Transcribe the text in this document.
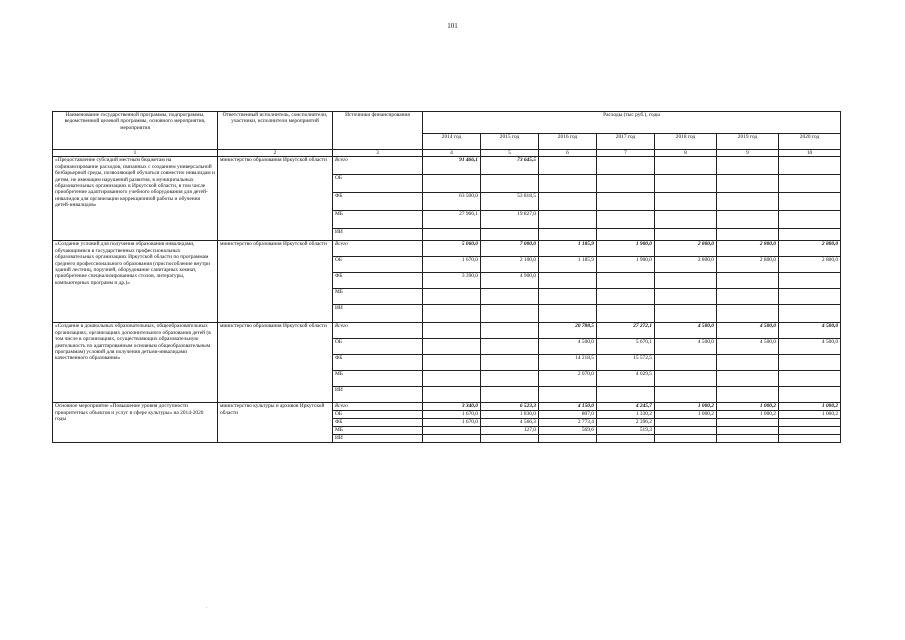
101
Наименование государственной программы, подпрограммы, ведомственной целевой программы, основного мероприятия, мероприятия	Ответственный исполнитель, соисполнители, участники, исполнители мероприятий	Источники финансирования	Расходы (тыс руб.), годы						
			2014 год	2015 год	2016 год	2017 год	2018 год	2019 год	2020 год
1	2	3	4	5	6	7	8	9	10
«Предоставление субсидий местным бюджетам на софинансирование расходов, связанных с созданием универсальной безбарьерной среды, позволяющей обучаться совместно инвалидам и детям, не имеющим нарушений развития, в муниципальных образовательных организациях в Иркутской области, в том числе приобретение адаптированного учебного оборудования для детей-инвалидов для организации коррекционной работы и обучения детей-инвалидов»	министерство образования Иркутской области	Всего	91 466,1	73 645,5					
		ОБ							
		ФБ	63 500,0	53 818,5					
		МБ	27 966,1	19 827,0					
		ИИ							
«Создание условий для получения образования инвалидами, обучающимися в государственных профессиональных образовательных организациях Иркутской области по программам среднего профессионального образования (приспособление внутри зданий лестниц, поручней, оборудование санитарных комнат, приобретение специализированных столов, литературы, компьютерных программ и др.)»	министерство образования Иркутской области	Всего	5 060,0	7 000,0	1 185,9	1 900,0	2 800,0	2 800,0	2 800,0
		ОБ	1 670,0	2 100,0	1 185,9	1 900,0	2 800,0	2 800,0	2 800,0
		ФБ	3 390,0	4 900,0					
		МБ							
		ИИ							
«Создание в дошкольных образовательных, общеобразовательных организациях, организациях дополнительного образования детей (в том числе в организациях, осуществляющих образовательную деятельность по адаптированным основным общеобразовательным программам) условий для получения детьми-инвалидами качественного образования»	министерство образования Иркутской области	Всего			20 788,5	27 272,1	4 500,0	4 500,0	4 500,0
		ОБ			4 500,0	5 670,1	4 500,0	4 500,0	4 500,0
		ФБ			14 218,5	15 572,5			
		МБ			2 070,0	4 029,5			
		ИИ							
Основное мероприятие «Повышение уровня доступности приоритетных объектов и услуг в сфере культуры» на 2014-2020 годы	министерство культуры и архивов Иркутской области	Всего	3 340,0	6 523,3	4 150,0	4 245,7	1 000,2	1 000,2	1 000,2
		ОБ	1 670,0	1 830,0	807,0	1 330,2	1 000,2	1 000,2	1 000,2
		ФБ	1 670,0	4 566,3	2 773,4	2 396,2			
		МБ		127,0	569,6	519,3			
		ИИ							
.
